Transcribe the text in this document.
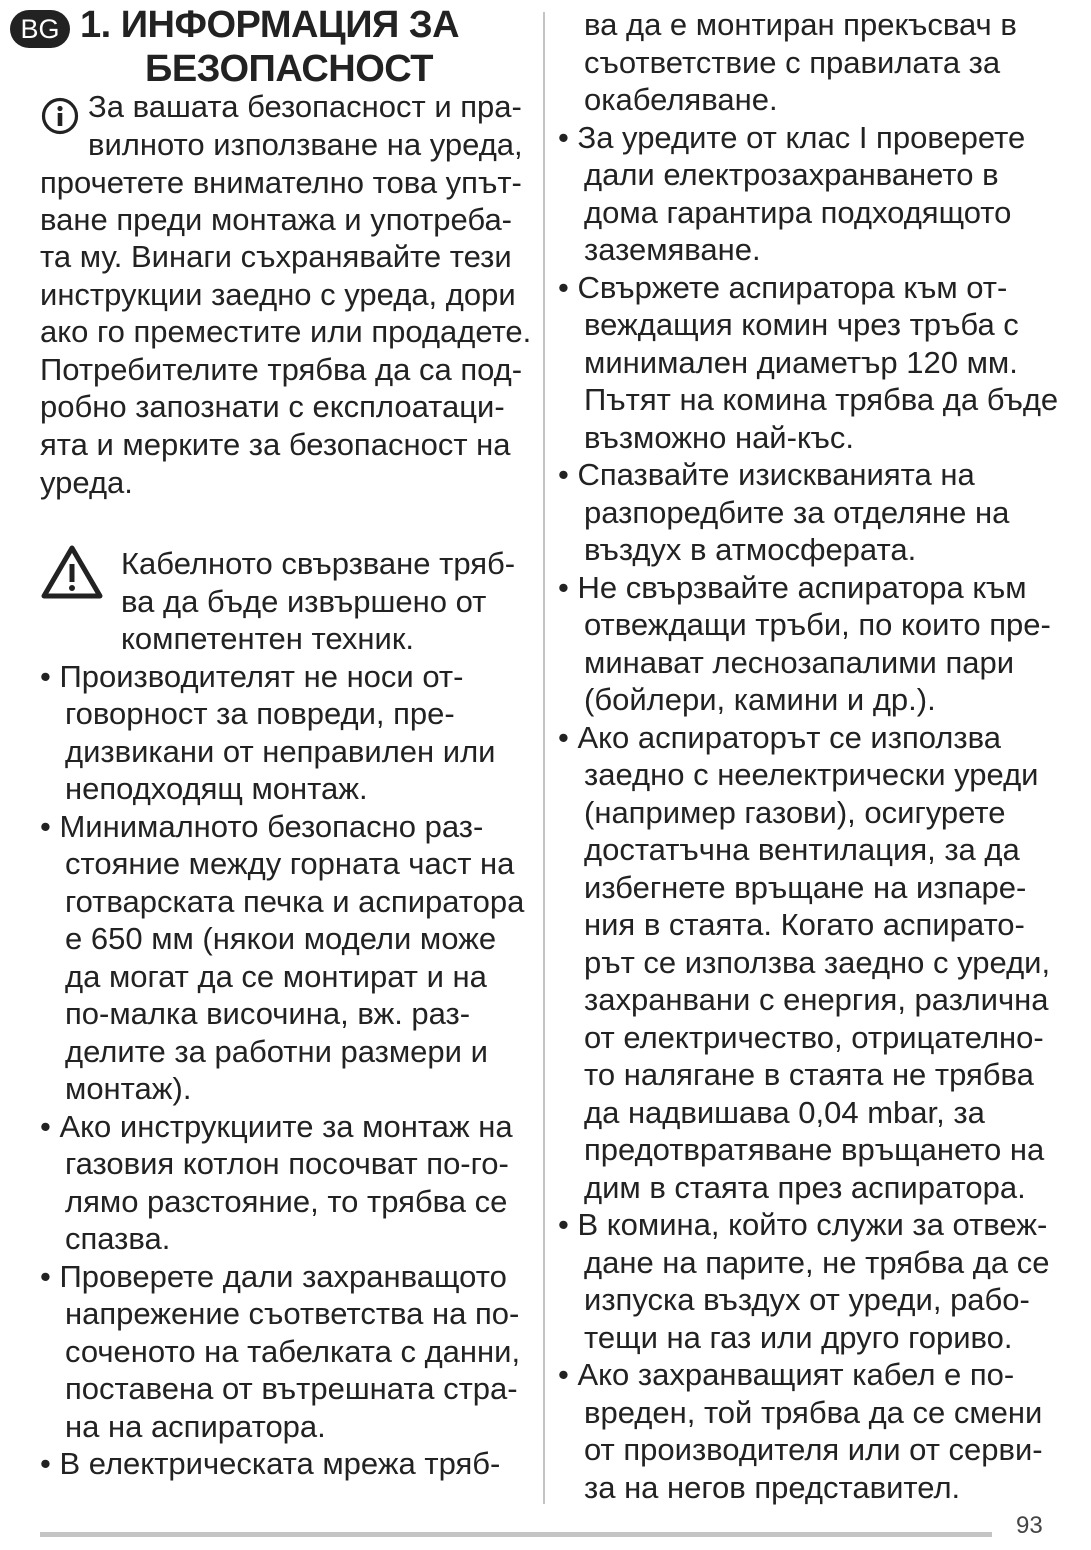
BG 1. ИНФОРМАЦИЯ ЗА
БЕЗОПАСНОСТ
За вашата безопасност и пра-
вилното използване на уреда,
прочетете внимателно това упът-
ване преди монтажа и употреба-
та му. Винаги съхранявайте тези
инструкции заедно с уреда, дори
ако го преместите или продадете.
Потребителите трябва да са под-
робно запознати с експлоатаци-
ята и мерките за безопасност на
уреда.
Кабелното свързване тряб-
ва да бъде извършено от
компетентен техник.
• Производителят не носи от-
говорност за повреди, пре-
дизвикани от неправилен или
неподходящ монтаж.
• Минималното безопасно раз-
стояние между горната част на
готварската печка и аспиратора
е 650 мм (някои модели може
да могат да се монтират и на
по-малка височина, вж. раз-
делите за работни размери и
монтаж).
• Ако инструкциите за монтаж на
газовия котлон посочват по-го-
лямо разстояние, то трябва се
спазва.
• Проверете дали захранващото
напрежение съответства на по-
соченото на табелката с данни,
поставена от вътрешната стра-
на на аспиратора.
• В електрическата мрежа тряб-
ва да е монтиран прекъсвач в
съответствие с правилата за
окабеляване.
• За уредите от клас I проверете
дали електрозахранването в
дома гарантира подходящото
заземяване.
• Свържете аспиратора към от-
веждащия комин чрез тръба с
минимален диаметър 120 мм.
Пътят на комина трябва да бъде
възможно най-къс.
• Спазвайте изискванията на
разпоредбите за отделяне на
въздух в атмосферата.
• Не свързвайте аспиратора към
отвеждащи тръби, по които пре-
минават леснозапалими пари
(бойлери, камини и др.).
• Ако аспираторът се използва
заедно с неелектрически уреди
(например газови), осигурете
достатъчна вентилация, за да
избегнете връщане на изпаре-
ния в стаята. Когато аспирато-
рът се използва заедно с уреди,
захранвани с енергия, различна
от електричество, отрицателно-
то налягане в стаята не трябва
да надвишава 0,04 mbar, за
предотвратяване връщането на
дим в стаята през аспиратора.
• В комина, който служи за отвеж-
дане на парите, не трябва да се
изпуска въздух от уреди, рабо-
тещи на газ или друго гориво.
• Ако захранващият кабел е по-
вреден, той трябва да се смени
от производителя или от серви-
за на негов представител.
93
